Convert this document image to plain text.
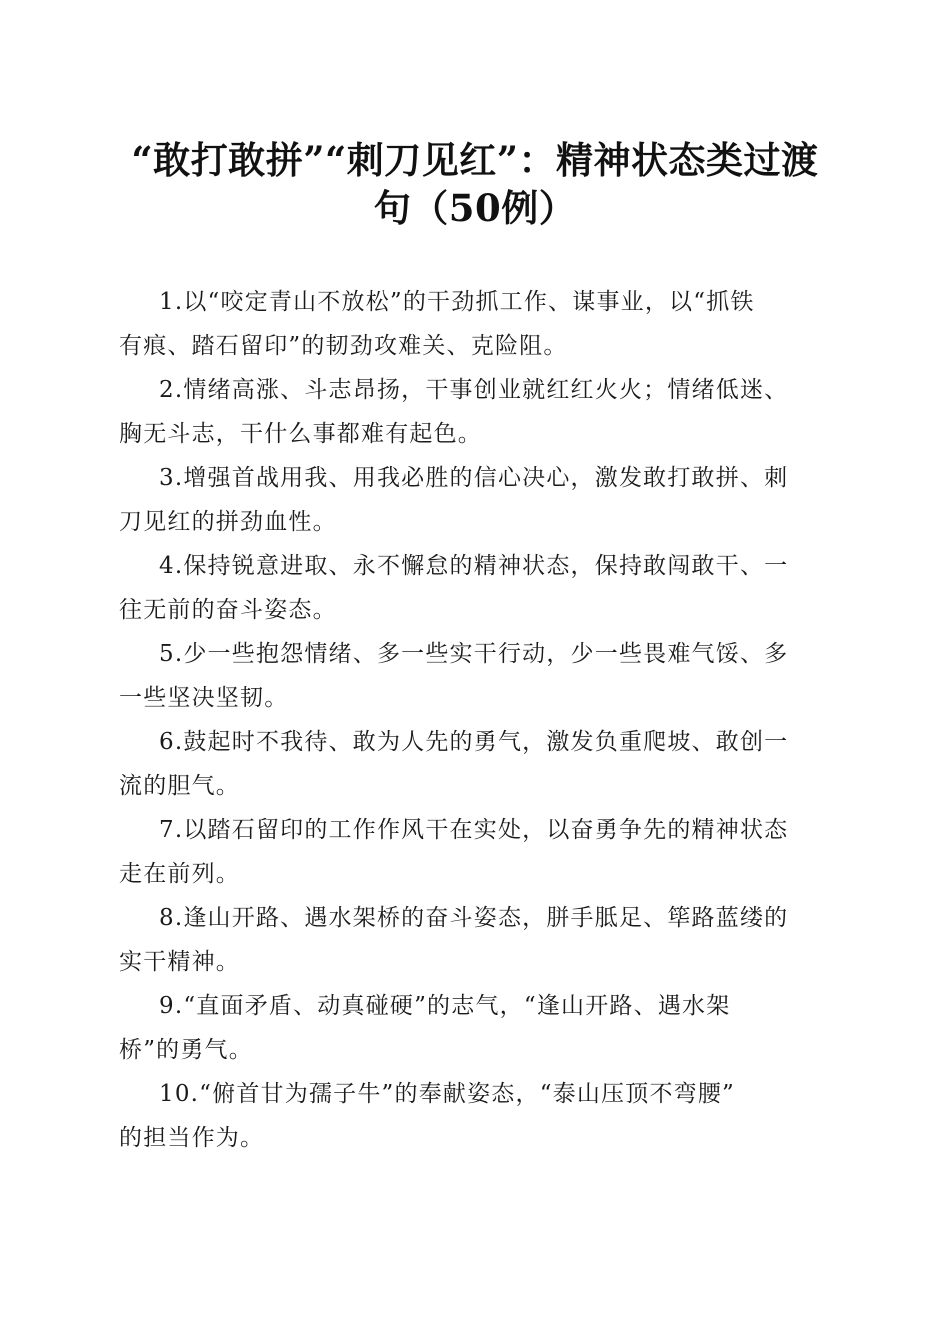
“敢打敢拼”“刺刀见红”：精神状态类过渡
句（50例）

1.以“咬定青山不放松”的干劲抓工作、谋事业，以“抓铁
有痕、踏石留印”的韧劲攻难关、克险阻。

2.情绪高涨、斗志昂扬，干事创业就红红火火；情绪低迷、
胸无斗志，干什么事都难有起色。

3.增强首战用我、用我必胜的信心决心，激发敢打敢拼、刺
刀见红的拼劲血性。

4.保持锐意进取、永不懈怠的精神状态，保持敢闯敢干、一
往无前的奋斗姿态。

5.少一些抱怨情绪、多一些实干行动，少一些畏难气馁、多
一些坚决坚韧。

6.鼓起时不我待、敢为人先的勇气，激发负重爬坡、敢创一
流的胆气。

7.以踏石留印的工作作风干在实处，以奋勇争先的精神状态
走在前列。

8.逢山开路、遇水架桥的奋斗姿态，胼手胝足、筚路蓝缕的
实干精神。

9.“直面矛盾、动真碰硬”的志气，“逢山开路、遇水架
桥”的勇气。

10.“俯首甘为孺子牛”的奉献姿态，“泰山压顶不弯腰”
的担当作为。
